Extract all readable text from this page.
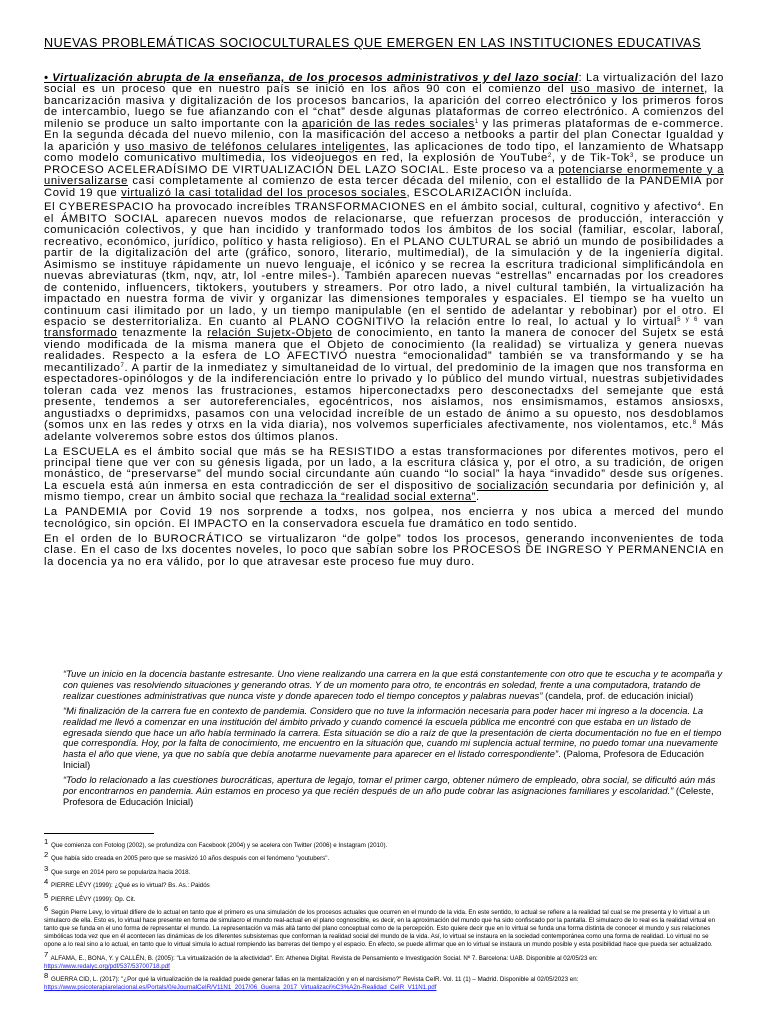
NUEVAS PROBLEMÁTICAS SOCIOCULTURALES QUE EMERGEN EN LAS INSTITUCIONES EDUCATIVAS

• Virtualización abrupta de la enseñanza, de los procesos administrativos y del lazo social: La virtualización del lazo social es un proceso que en nuestro país se inició en los años 90 con el comienzo del uso masivo de internet, la bancarización masiva y digitalización de los procesos bancarios, la aparición del correo electrónico y los primeros foros de intercambio, luego se fue afianzando con el “chat” desde algunas plataformas de correo electrónico. A comienzos del milenio se produce un salto importante con la aparición de las redes sociales$^1$ y las primeras plataformas de e-commerce. En la segunda década del nuevo milenio, con la masificación del acceso a netbooks a partir del plan Conectar Igualdad y la aparición y uso masivo de teléfonos celulares inteligentes, las aplicaciones de todo tipo, el lanzamiento de Whatsapp como modelo comunicativo multimedia, los videojuegos en red, la explosión de YouTube$^2$, y de Tik-Tok$^3$, se produce un PROCESO ACELERADÍSIMO DE VIRTUALIZACIÓN DEL LAZO SOCIAL. Este proceso va a potenciarse enormemente y a universalizarse casi completamente al comienzo de esta tercer década del milenio, con el estallido de la PANDEMIA por Covid 19 que virtualizó la casi totalidad del los procesos sociales, ESCOLARIZACIÓN incluída.

El CYBERESPACIO ha provocado increíbles TRANSFORMACIONES en el ámbito social, cultural, cognitivo y afectivo$^4$. En el ÁMBITO SOCIAL aparecen nuevos modos de relacionarse, que refuerzan procesos de producción, interacción y comunicación colectivos, y que han incidido y tranformado todos los ámbitos de los social (familiar, escolar, laboral, recreativo, económico, jurídico, político y hasta religioso). En el PLANO CULTURAL se abrió un mundo de posibilidades a partir de la digitalización del arte (gráfico, sonoro, literario, multimedial), de la simulación y de la ingeniería digital. Asimismo se instituye rápidamente un nuevo lenguaje, el icónico y se recrea la escritura tradicional simplificándola en nuevas abreviaturas (tkm, nqv, atr, lol -entre miles-). También aparecen nuevas “estrellas” encarnadas por los creadores de contenido, influencers, tiktokers, youtubers y streamers. Por otro lado, a nivel cultural también, la virtualización ha impactado en nuestra forma de vivir y organizar las dimensiones temporales y espaciales. El tiempo se ha vuelto un continuum casi ilimitado por un lado, y un tiempo manipulable (en el sentido de adelantar y rebobinar) por el otro. El espacio se desterritorializa. En cuanto al PLANO COGNITIVO la relación entre lo real, lo actual y lo virtual$^{5 y 6}$ van transformado tenazmente la relación Sujetx-Objeto de conocimiento, en tanto la manera de conocer del Sujetx se está viendo modificada de la misma manera que el Objeto de conocimiento (la realidad) se virtualiza y genera nuevas realidades. Respecto a la esfera de LO AFECTIVO nuestra “emocionalidad” también se va transformando y se ha mecantilizado$^7$. A partir de la inmediatez y simultaneidad de lo virtual, del predominio de la imagen que nos transforma en espectadores-opinólogos y de la indiferenciación entre lo privado y lo público del mundo virtual, nuestras subjetividades toleran cada vez menos las frustraciones, estamos hiperconectadxs pero desconectadxs del semejante que está presente, tendemos a ser autoreferenciales, egocéntricos, nos aislamos, nos ensimismamos, estamos ansiosxs, angustiadxs o deprimidxs, pasamos con una velocidad increíble de un estado de ánimo a su opuesto, nos desdoblamos (somos unx en las redes y otrxs en la vida diaria), nos volvemos superficiales afectivamente, nos violentamos, etc.$^8$ Más adelante volveremos sobre estos dos últimos planos.

La ESCUELA es el ámbito social que más se ha RESISTIDO a estas transformaciones por diferentes motivos, pero el principal tiene que ver con su génesis ligada, por un lado, a la escritura clásica y, por el otro, a su tradición, de origen monástico, de “preservarse” del mundo social circundante aún cuando “lo social” la haya “invadido” desde sus orígenes. La escuela está aún inmersa en esta contradicción de ser el dispositivo de socialización secundaria por definición y, al mismo tiempo, crear un ámbito social que rechaza la “realidad social externa”.

La PANDEMIA por Covid 19 nos sorprende a todxs, nos golpea, nos encierra y nos ubica a merced del mundo tecnológico, sin opción. El IMPACTO en la conservadora escuela fue dramático en todo sentido.

En el orden de lo BUROCRÁTICO se virtualizaron “de golpe” todos los procesos, generando inconvenientes de toda clase. En el caso de lxs docentes noveles, lo poco que sabían sobre los PROCESOS DE INGRESO Y PERMANENCIA en la docencia ya no era válido, por lo que atravesar este proceso fue muy duro.

“Tuve un inicio en la docencia bastante estresante. Uno viene realizando una carrera en la que está constantemente con otro que te escucha y te acompaña y con quienes vas resolviendo situaciones y generando otras. Y de un momento para otro, te encontrás en soledad, frente a una computadora, tratando de realizar cuestiones administrativas que nunca viste y donde aparecen todo el tiempo conceptos y palabras nuevas” (candela, prof. de educación inicial)

“Mi finalización de la carrera fue en contexto de pandemia. Considero que no tuve la información necesaria para poder hacer mi ingreso a la docencia. La realidad me llevó a comenzar en una institución del ámbito privado y cuando comencé la escuela pública me encontré con que estaba en un listado de egresada siendo que hace un año había terminado la carrera. Esta situación se dio a raíz de que la presentación de cierta documentación no fue en el tiempo que correspondía. Hoy, por la falta de conocimiento, me encuentro en la situación que, cuando mi suplencia actual termine, no puedo tomar una nuevamente hasta el año que viene, ya que no sabía que debía anotarme nuevamente para aparecer en el listado correspondiente”. (Paloma, Profesora de Educación Inicial)

“Todo lo relacionado a las cuestiones burocráticas, apertura de legajo, tomar el primer cargo, obtener número de empleado, obra social, se dificultó aún más por encontrarnos en pandemia. Aún estamos en proceso ya que recién después de un año pude cobrar las asignaciones familiares y escolaridad.” (Celeste, Profesora de Educación Inicial)

1 Que comienza con Fotolog (2002), se profundiza con Facebook (2004) y se acelera con Twitter (2006) e Instagram (2010).

2 Que había sido creada en 2005 pero que se masivizó 10 años después con el fenómeno "youtubers".

3 Que surge en 2014 pero se populariza hacia 2018.

4 PIERRE LÉVY (1999): ¿Qué es lo virtual? Bs. As.: Paidós

5 PIERRE LÉVY (1999): Op. Cit.

6 Según Pierre Levy, lo virtual difiere de lo actual en tanto que el primero es una simulación de los procesos actuales que ocurren en el mundo de la vida. En este sentido, lo actual se refiere a la realidad tal cual se me presenta y lo virtual a un simulacro de ella. Esto es, lo virtual hace presente en forma de simulacro el mundo real-actual en el plano cognoscible, es decir, en la aproximación del mundo que ha sido confiscado por la pantalla. El simulacro de lo real es la realidad virtual en tanto que se funda en el uno forma de representar el mundo. La representación va más allá tanto del plano conceptual como de la percepción. Esto quiere decir que en lo virtual se funda una forma distinta de conocer el mundo y sus relaciones simbólicas toda vez que en él acontecen las dinámicas de los diferentes subsistemas que conforman la realidad social del mundo de la vida. Así, lo virtual se instaura en la sociedad contemporánea como una forma de realidad. Lo virtual no se opone a lo real sino a lo actual, en tanto que lo virtual simula lo actual rompiendo las barreras del tiempo y el espacio. En efecto, se puede afirmar que en lo virtual se instaura un mundo posible y esta posibilidad hace que pueda ser actualizado.

7 ALFAMA, E., BONA, Y. y CALLÉN, B. (2005): "La virtualización de la afectividad". En: Athenea Digital. Revista de Pensamiento e Investigación Social. Nº 7. Barcelona: UAB. Disponible al 02/05/23 en:
https://www.redalyc.org/pdf/537/53700718.pdf

8 GUERRA CID, L. (2017): "¿Por qué la virtualización de la realidad puede generar fallas en la mentalización y en el narcisismo?" Revista CeIR. Vol. 11 (1) – Madrid. Disponible al 02/05/2023 en:
https://www.psicoterapiarelacional.es/Portals/0/eJournalCeIR/V11N1_2017/06_Guerra_2017_Virtualizaci%C3%A2n-Realidad_CeIR_V11N1.pdf
